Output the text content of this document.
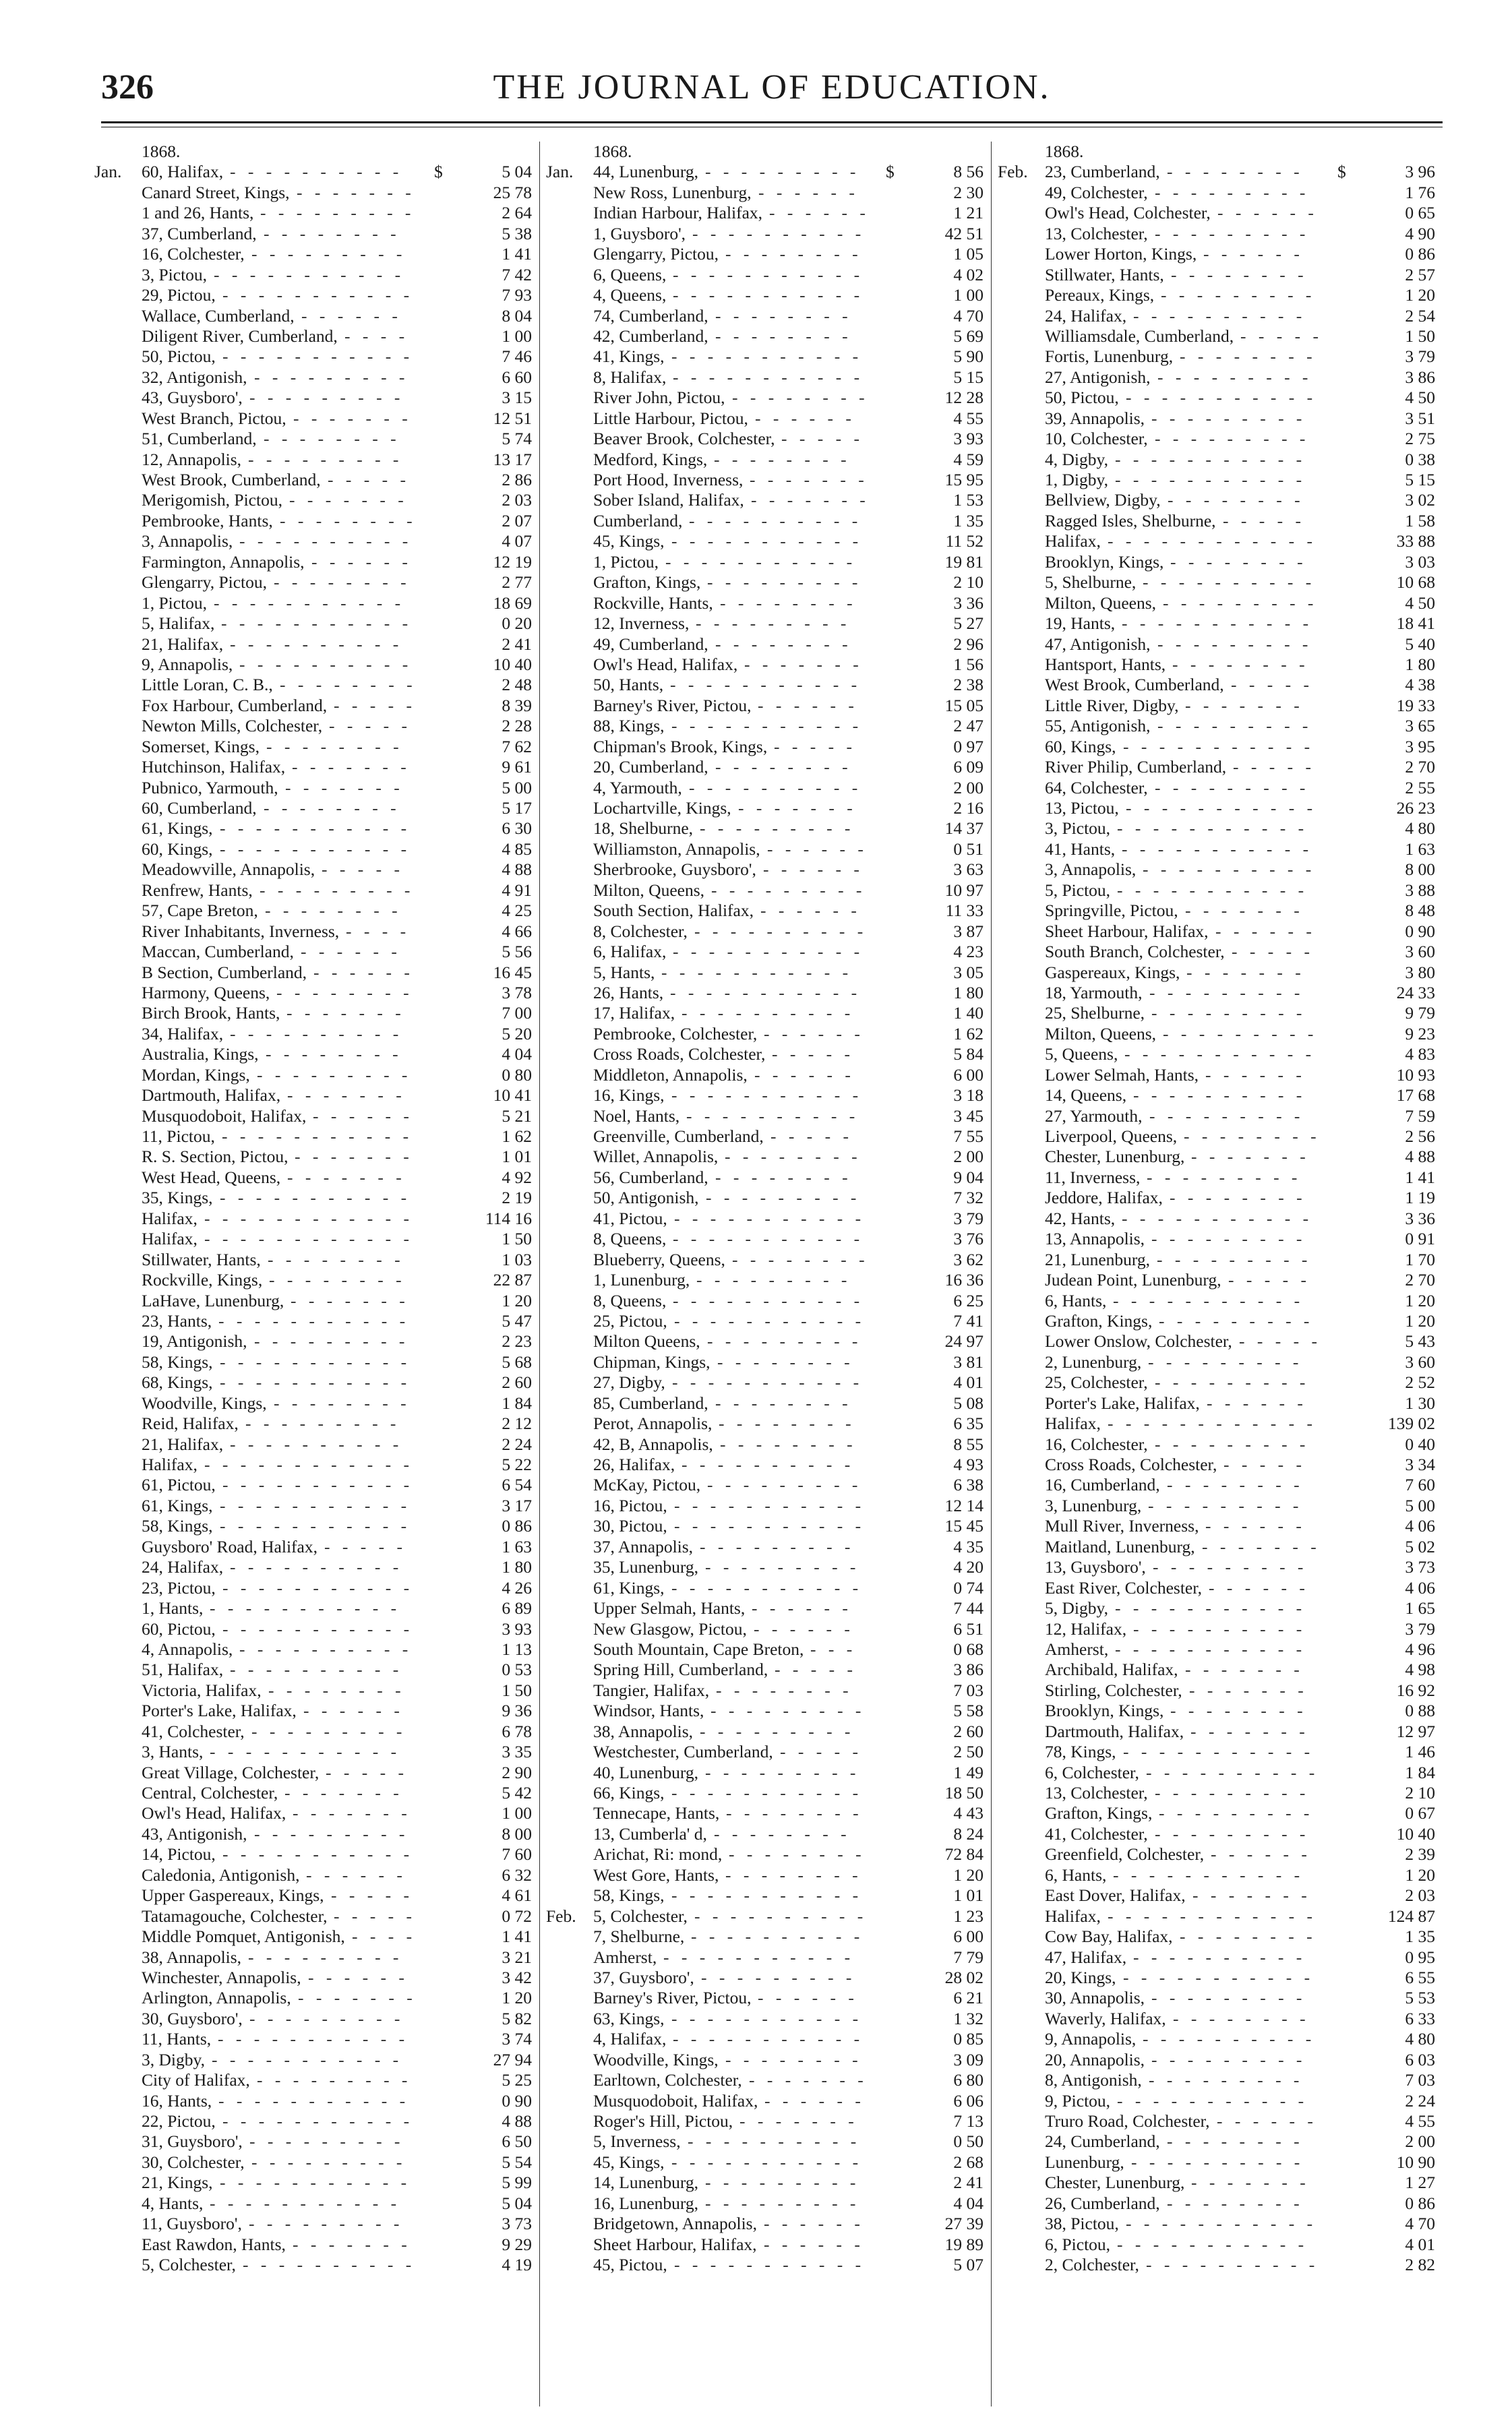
326	THE JOURNAL OF EDUCATION.
1868.
Jan.	60, Halifax, - - - - - - - - - - $	5 04
Canard Street, Kings, - - - - - - -	25 78
1 and 26, Hants, - - - - - - - - -	2 64
37, Cumberland, - - - - - - - -	5 38
16, Colchester, - - - - - - - - -	1 41
3, Pictou, - - - - - - - - - - -	7 42
29, Pictou, - - - - - - - - - - -	7 93
Wallace, Cumberland, - - - - - -	8 04
Diligent River, Cumberland, - - - -	1 00
50, Pictou, - - - - - - - - - - -	7 46
32, Antigonish, - - - - - - - - -	6 60
43, Guysboro', - - - - - - - - -	3 15
West Branch, Pictou, - - - - - - -	12 51
51, Cumberland, - - - - - - - -	5 74
12, Annapolis, - - - - - - - - -	13 17
West Brook, Cumberland, - - - - -	2 86
Merigomish, Pictou, - - - - - - -	2 03
Pembrooke, Hants, - - - - - - - -	2 07
3, Annapolis, - - - - - - - - - -	4 07
Farmington, Annapolis, - - - - - -	12 19
Glengarry, Pictou, - - - - - - - -	2 77
1, Pictou, - - - - - - - - - - -	18 69
5, Halifax, - - - - - - - - - - -	0 20
21, Halifax, - - - - - - - - - -	2 41
9, Annapolis, - - - - - - - - - -	10 40
Little Loran, C. B., - - - - - - - -	2 48
Fox Harbour, Cumberland, - - - - -	8 39
Newton Mills, Colchester, - - - - -	2 28
Somerset, Kings, - - - - - - - -	7 62
Hutchinson, Halifax, - - - - - - -	9 61
Pubnico, Yarmouth, - - - - - - -	5 00
60, Cumberland, - - - - - - - -	5 17
61, Kings, - - - - - - - - - - -	6 30
60, Kings, - - - - - - - - - - -	4 85
Meadowville, Annapolis, - - - - -	4 88
Renfrew, Hants, - - - - - - - - -	4 91
57, Cape Breton, - - - - - - - -	4 25
River Inhabitants, Inverness, - - - -	4 66
Maccan, Cumberland, - - - - - -	5 56
B Section, Cumberland, - - - - - -	16 45
Harmony, Queens, - - - - - - - -	3 78
Birch Brook, Hants, - - - - - - -	7 00
34, Halifax, - - - - - - - - - -	5 20
Australia, Kings, - - - - - - - -	4 04
Mordan, Kings, - - - - - - - - -	0 80
Dartmouth, Halifax, - - - - - - -	10 41
Musquodoboit, Halifax, - - - - - -	5 21
11, Pictou, - - - - - - - - - - -	1 62
R. S. Section, Pictou, - - - - - - -	1 01
West Head, Queens, - - - - - - -	4 92
35, Kings, - - - - - - - - - - -	2 19
Halifax, - - - - - - - - - - - -	114 16
Halifax, - - - - - - - - - - - -	1 50
Stillwater, Hants, - - - - - - - -	1 03
Rockville, Kings, - - - - - - - -	22 87
LaHave, Lunenburg, - - - - - - -	1 20
23, Hants, - - - - - - - - - - -	5 47
19, Antigonish, - - - - - - - - -	2 23
58, Kings, - - - - - - - - - - -	5 68
68, Kings, - - - - - - - - - - -	2 60
Woodville, Kings, - - - - - - - -	1 84
Reid, Halifax, - - - - - - - - -	2 12
21, Halifax, - - - - - - - - - -	2 24
Halifax, - - - - - - - - - - - -	5 22
61, Pictou, - - - - - - - - - - -	6 54
61, Kings, - - - - - - - - - - -	3 17
58, Kings, - - - - - - - - - - -	0 86
Guysboro' Road, Halifax, - - - - -	1 63
24, Halifax, - - - - - - - - - -	1 80
23, Pictou, - - - - - - - - - - -	4 26
1, Hants, - - - - - - - - - - -	6 89
60, Pictou, - - - - - - - - - - -	3 93
4, Annapolis, - - - - - - - - - -	1 13
51, Halifax, - - - - - - - - - -	0 53
Victoria, Halifax, - - - - - - - -	1 50
Porter's Lake, Halifax, - - - - - -	9 36
41, Colchester, - - - - - - - - -	6 78
3, Hants, - - - - - - - - - - -	3 35
Great Village, Colchester, - - - - -	2 90
Central, Colchester, - - - - - - -	5 42
Owl's Head, Halifax, - - - - - - -	1 00
43, Antigonish, - - - - - - - - -	8 00
14, Pictou, - - - - - - - - - - -	7 60
Caledonia, Antigonish, - - - - - -	6 32
Upper Gaspereaux, Kings, - - - - -	4 61
Tatamagouche, Colchester, - - - - -	0 72
Middle Pomquet, Antigonish, - - - -	1 41
38, Annapolis, - - - - - - - - -	3 21
Winchester, Annapolis, - - - - - -	3 42
Arlington, Annapolis, - - - - - - -	1 20
30, Guysboro', - - - - - - - - -	5 82
11, Hants, - - - - - - - - - - -	3 74
3, Digby, - - - - - - - - - - -	27 94
City of Halifax, - - - - - - - - -	5 25
16, Hants, - - - - - - - - - - -	0 90
22, Pictou, - - - - - - - - - - -	4 88
31, Guysboro', - - - - - - - - -	6 50
30, Colchester, - - - - - - - - -	5 54
21, Kings, - - - - - - - - - - -	5 99
4, Hants, - - - - - - - - - - -	5 04
11, Guysboro', - - - - - - - - -	3 73
East Rawdon, Hants, - - - - - - -	9 29
5, Colchester, - - - - - - - - - -	4 19
1868.
Jan.	44, Lunenburg, - - - - - - - - - $	8 56
New Ross, Lunenburg, - - - - - -	2 30
Indian Harbour, Halifax, - - - - - -	1 21
1, Guysboro', - - - - - - - - - -	42 51
Glengarry, Pictou, - - - - - - - -	1 05
6, Queens, - - - - - - - - - - -	4 02
4, Queens, - - - - - - - - - - -	1 00
74, Cumberland, - - - - - - - -	4 70
42, Cumberland, - - - - - - - -	5 69
41, Kings, - - - - - - - - - - -	5 90
8, Halifax, - - - - - - - - - - -	5 15
River John, Pictou, - - - - - - - -	12 28
Little Harbour, Pictou, - - - - - -	4 55
Beaver Brook, Colchester, - - - - -	3 93
Medford, Kings, - - - - - - - -	4 59
Port Hood, Inverness, - - - - - - -	15 95
Sober Island, Halifax, - - - - - - -	1 53
Cumberland, - - - - - - - - - -	1 35
45, Kings, - - - - - - - - - - -	11 52
1, Pictou, - - - - - - - - - - -	19 81
Grafton, Kings, - - - - - - - - -	2 10
Rockville, Hants, - - - - - - - -	3 36
12, Inverness, - - - - - - - - -	5 27
49, Cumberland, - - - - - - - -	2 96
Owl's Head, Halifax, - - - - - - -	1 56
50, Hants, - - - - - - - - - - -	2 38
Barney's River, Pictou, - - - - - -	15 05
88, Kings, - - - - - - - - - - -	2 47
Chipman's Brook, Kings, - - - - -	0 97
20, Cumberland, - - - - - - - -	6 09
4, Yarmouth, - - - - - - - - - -	2 00
Lochartville, Kings, - - - - - - -	2 16
18, Shelburne, - - - - - - - - -	14 37
Williamston, Annapolis, - - - - - -	0 51
Sherbrooke, Guysboro', - - - - - -	3 63
Milton, Queens, - - - - - - - - -	10 97
South Section, Halifax, - - - - - -	11 33
8, Colchester, - - - - - - - - - -	3 87
6, Halifax, - - - - - - - - - - -	4 23
5, Hants, - - - - - - - - - - -	3 05
26, Hants, - - - - - - - - - - -	1 80
17, Halifax, - - - - - - - - - -	1 40
Pembrooke, Colchester, - - - - - -	1 62
Cross Roads, Colchester, - - - - -	5 84
Middleton, Annapolis, - - - - - -	6 00
16, Kings, - - - - - - - - - - -	3 18
Noel, Hants, - - - - - - - - - -	3 45
Greenville, Cumberland, - - - - -	7 55
Willet, Annapolis, - - - - - - - -	2 00
56, Cumberland, - - - - - - - -	9 04
50, Antigonish, - - - - - - - - -	7 32
41, Pictou, - - - - - - - - - - -	3 79
8, Queens, - - - - - - - - - - -	3 76
Blueberry, Queens, - - - - - - - -	3 62
1, Lunenburg, - - - - - - - - -	16 36
8, Queens, - - - - - - - - - - -	6 25
25, Pictou, - - - - - - - - - - -	7 41
Milton Queens, - - - - - - - - -	24 97
Chipman, Kings, - - - - - - - -	3 81
27, Digby, - - - - - - - - - - -	4 01
85, Cumberland, - - - - - - - -	5 08
Perot, Annapolis, - - - - - - - -	6 35
42, B, Annapolis, - - - - - - - -	8 55
26, Halifax, - - - - - - - - - -	4 93
McKay, Pictou, - - - - - - - - -	6 38
16, Pictou, - - - - - - - - - - -	12 14
30, Pictou, - - - - - - - - - - -	15 45
37, Annapolis, - - - - - - - - -	4 35
35, Lunenburg, - - - - - - - - -	4 20
61, Kings, - - - - - - - - - - -	0 74
Upper Selmah, Hants, - - - - - -	7 44
New Glasgow, Pictou, - - - - - -	6 51
South Mountain, Cape Breton, - - -	0 68
Spring Hill, Cumberland, - - - - -	3 86
Tangier, Halifax, - - - - - - - -	7 03
Windsor, Hants, - - - - - - - - -	5 58
38, Annapolis, - - - - - - - - -	2 60
Westchester, Cumberland, - - - - -	2 50
40, Lunenburg, - - - - - - - - -	1 49
66, Kings, - - - - - - - - - - -	18 50
Tennecape, Hants, - - - - - - - -	4 43
13, Cumberla' d, - - - - - - - -	8 24
Arichat, Ri: mond, - - - - - - - -	72 84
West Gore, Hants, - - - - - - - -	1 20
58, Kings, - - - - - - - - - - -	1 01
Feb. 5, Colchester, - - - - - - - - - -	1 23
7, Shelburne, - - - - - - - - - -	6 00
Amherst, - - - - - - - - - - -	7 79
37, Guysboro', - - - - - - - - -	28 02
Barney's River, Pictou, - - - - - -	6 21
63, Kings, - - - - - - - - - - -	1 32
4, Halifax, - - - - - - - - - - -	0 85
Woodville, Kings, - - - - - - - -	3 09
Earltown, Colchester, - - - - - - -	6 80
Musquodoboit, Halifax, - - - - - -	6 06
Roger's Hill, Pictou, - - - - - - -	7 13
5, Inverness, - - - - - - - - - -	0 50
45, Kings, - - - - - - - - - - -	2 68
14, Lunenburg, - - - - - - - - -	2 41
16, Lunenburg, - - - - - - - - -	4 04
Bridgetown, Annapolis, - - - - - -	27 39
Sheet Harbour, Halifax, - - - - - -	19 89
45, Pictou, - - - - - - - - - - -	5 07
1868.
Feb. 23, Cumberland, - - - - - - - - $	3 96
49, Colchester, - - - - - - - - -	1 76
Owl's Head, Colchester, - - - - - -	0 65
13, Colchester, - - - - - - - - -	4 90
Lower Horton, Kings, - - - - - -	0 86
Stillwater, Hants, - - - - - - - -	2 57
Pereaux, Kings, - - - - - - - - -	1 20
24, Halifax, - - - - - - - - - -	2 54
Williamsdale, Cumberland, - - - - -	1 50
Fortis, Lunenburg, - - - - - - - -	3 79
27, Antigonish, - - - - - - - - -	3 86
50, Pictou, - - - - - - - - - - -	4 50
39, Annapolis, - - - - - - - - -	3 51
10, Colchester, - - - - - - - - -	2 75
4, Digby, - - - - - - - - - - -	0 38
1, Digby, - - - - - - - - - - -	5 15
Bellview, Digby, - - - - - - - -	3 02
Ragged Isles, Shelburne, - - - - -	1 58
Halifax, - - - - - - - - - - - -	33 88
Brooklyn, Kings, - - - - - - - -	3 03
5, Shelburne, - - - - - - - - - -	10 68
Milton, Queens, - - - - - - - - -	4 50
19, Hants, - - - - - - - - - - -	18 41
47, Antigonish, - - - - - - - - -	5 40
Hantsport, Hants, - - - - - - - -	1 80
West Brook, Cumberland, - - - - -	4 38
Little River, Digby, - - - - - - -	19 33
55, Antigonish, - - - - - - - - -	3 65
60, Kings, - - - - - - - - - - -	3 95
River Philip, Cumberland, - - - - -	2 70
64, Colchester, - - - - - - - - -	2 55
13, Pictou, - - - - - - - - - - -	26 23
3, Pictou, - - - - - - - - - - -	4 80
41, Hants, - - - - - - - - - - -	1 63
3, Annapolis, - - - - - - - - - -	8 00
5, Pictou, - - - - - - - - - - -	3 88
Springville, Pictou, - - - - - - -	8 48
Sheet Harbour, Halifax, - - - - - -	0 90
South Branch, Colchester, - - - - -	3 60
Gaspereaux, Kings, - - - - - - -	3 80
18, Yarmouth, - - - - - - - - -	24 33
25, Shelburne, - - - - - - - - -	9 79
Milton, Queens, - - - - - - - - -	9 23
5, Queens, - - - - - - - - - - -	4 83
Lower Selmah, Hants, - - - - - -	10 93
14, Queens, - - - - - - - - - -	17 68
27, Yarmouth, - - - - - - - - -	7 59
Liverpool, Queens, - - - - - - - -	2 56
Chester, Lunenburg, - - - - - - -	4 88
11, Inverness, - - - - - - - - -	1 41
Jeddore, Halifax, - - - - - - - -	1 19
42, Hants, - - - - - - - - - - -	3 36
13, Annapolis, - - - - - - - - -	0 91
21, Lunenburg, - - - - - - - - -	1 70
Judean Point, Lunenburg, - - - - -	2 70
6, Hants, - - - - - - - - - - -	1 20
Grafton, Kings, - - - - - - - - -	1 20
Lower Onslow, Colchester, - - - - -	5 43
2, Lunenburg, - - - - - - - - -	3 60
25, Colchester, - - - - - - - - -	2 52
Porter's Lake, Halifax, - - - - - -	1 30
Halifax, - - - - - - - - - - - -	139 02
16, Colchester, - - - - - - - - -	0 40
Cross Roads, Colchester, - - - - -	3 34
16, Cumberland, - - - - - - - -	7 60
3, Lunenburg, - - - - - - - - -	5 00
Mull River, Inverness, - - - - - -	4 06
Maitland, Lunenburg, - - - - - - -	5 02
13, Guysboro', - - - - - - - - -	3 73
East River, Colchester, - - - - - -	4 06
5, Digby, - - - - - - - - - - -	1 65
12, Halifax, - - - - - - - - - -	3 79
Amherst, - - - - - - - - - - -	4 96
Archibald, Halifax, - - - - - - -	4 98
Stirling, Colchester, - - - - - - -	16 92
Brooklyn, Kings, - - - - - - - -	0 88
Dartmouth, Halifax, - - - - - - -	12 97
78, Kings, - - - - - - - - - - -	1 46
6, Colchester, - - - - - - - - - -	1 84
13, Colchester, - - - - - - - - -	2 10
Grafton, Kings, - - - - - - - - -	0 67
41, Colchester, - - - - - - - - -	10 40
Greenfield, Colchester, - - - - - -	2 39
6, Hants, - - - - - - - - - - -	1 20
East Dover, Halifax, - - - - - - -	2 03
Halifax, - - - - - - - - - - - -	124 87
Cow Bay, Halifax, - - - - - - - -	1 35
47, Halifax, - - - - - - - - - -	0 95
20, Kings, - - - - - - - - - - -	6 55
30, Annapolis, - - - - - - - - -	5 53
Waverly, Halifax, - - - - - - - -	6 33
9, Annapolis, - - - - - - - - - -	4 80
20, Annapolis, - - - - - - - - -	6 03
8, Antigonish, - - - - - - - - -	7 03
9, Pictou, - - - - - - - - - - -	2 24
Truro Road, Colchester, - - - - - -	4 55
24, Cumberland, - - - - - - - -	2 00
Lunenburg, - - - - - - - - - -	10 90
Chester, Lunenburg, - - - - - - -	1 27
26, Cumberland, - - - - - - - -	0 86
38, Pictou, - - - - - - - - - - -	4 70
6, Pictou, - - - - - - - - - - -	4 01
2, Colchester, - - - - - - - - - -	2 82
